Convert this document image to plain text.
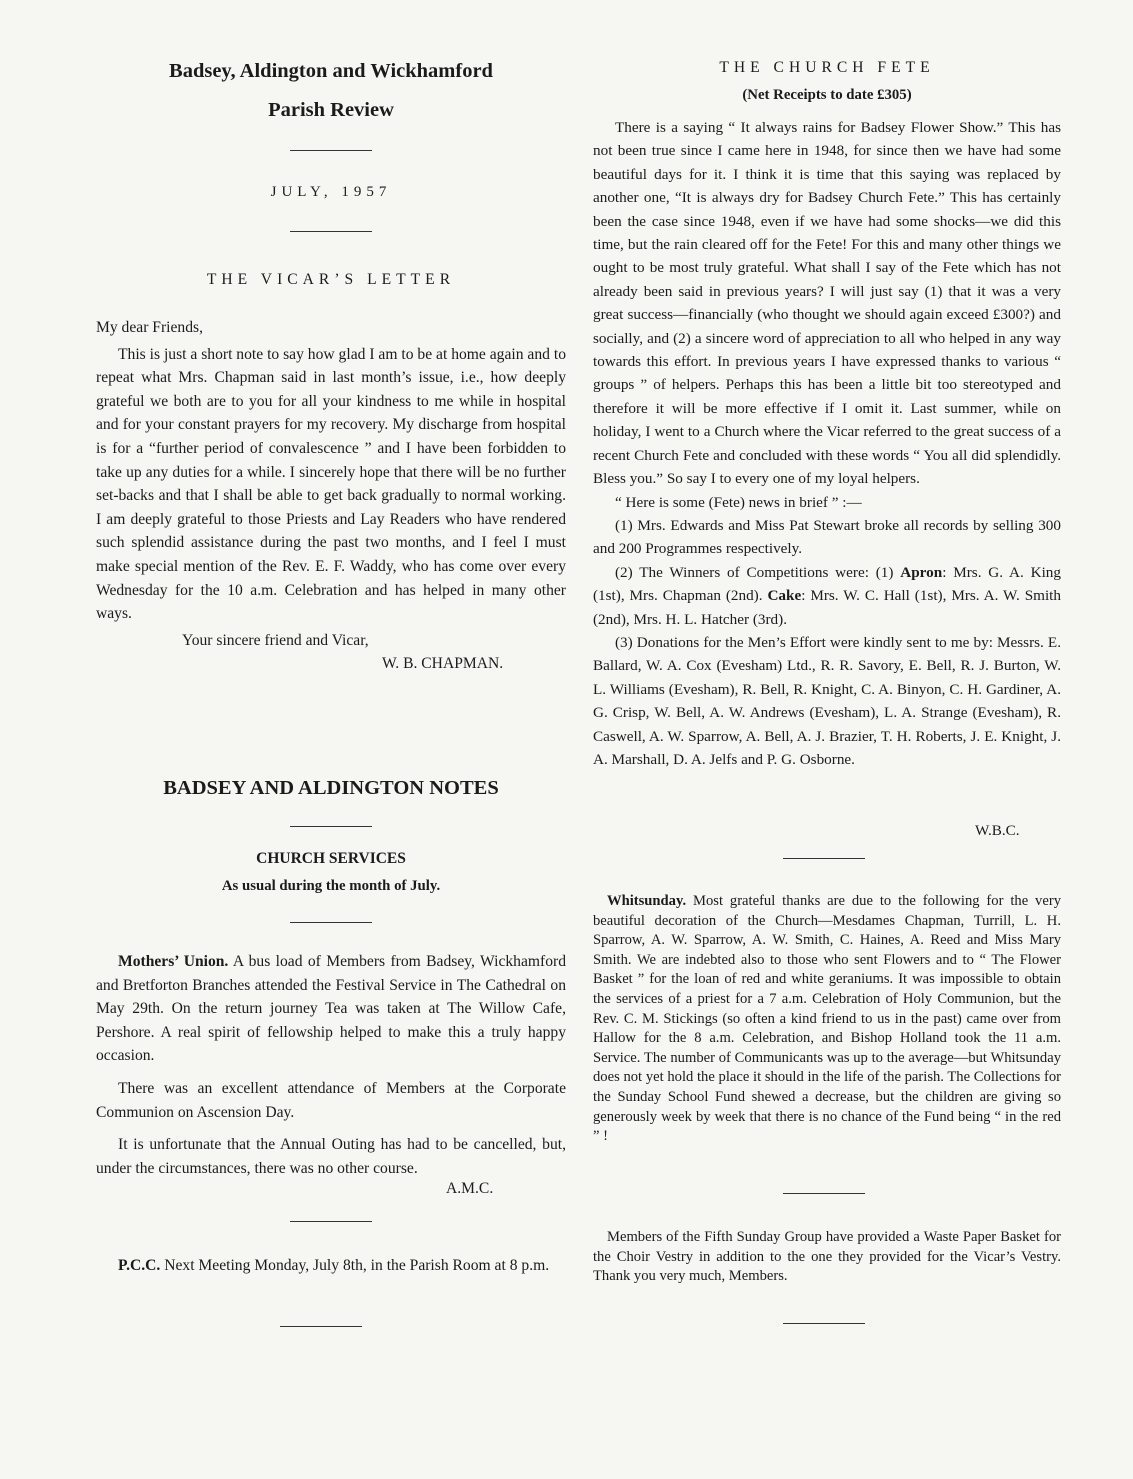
Badsey, Aldington and Wickhamford
Parish Review
JULY, 1957
THE VICAR’S LETTER

My dear Friends,

This is just a short note to say how glad I am to be at home again and to repeat what Mrs. Chapman said in last month’s issue, i.e., how deeply grateful we both are to you for all your kindness to me while in hospital and for your constant prayers for my recovery. My discharge from hospital is for a “further period of convalescence ” and I have been forbidden to take up any duties for a while. I sincerely hope that there will be no further set-backs and that I shall be able to get back gradually to normal working. I am deeply grateful to those Priests and Lay Readers who have rendered such splendid assistance during the past two months, and I feel I must make special mention of the Rev. E. F. Waddy, who has come over every Wednesday for the 10 a.m. Celebration and has helped in many other ways.

Your sincere friend and Vicar,

W. B. CHAPMAN.

BADSEY AND ALDINGTON NOTES
CHURCH SERVICES
As usual during the month of July.

Mothers’ Union. A bus load of Members from Badsey, Wickhamford and Bretforton Branches attended the Festival Service in The Cathedral on May 29th. On the return journey Tea was taken at The Willow Cafe, Pershore. A real spirit of fellowship helped to make this a truly happy occasion.

There was an excellent attendance of Members at the Corporate Communion on Ascension Day.

It is unfortunate that the Annual Outing has had to be cancelled, but, under the circumstances, there was no other course.

A.M.C.

P.C.C. Next Meeting Monday, July 8th, in the Parish Room at 8 p.m.

THE CHURCH FETE
(Net Receipts to date £305)

There is a saying “ It always rains for Badsey Flower Show.” This has not been true since I came here in 1948, for since then we have had some beautiful days for it. I think it is time that this saying was replaced by another one, “It is always dry for Badsey Church Fete.” This has certainly been the case since 1948, even if we have had some shocks—we did this time, but the rain cleared off for the Fete! For this and many other things we ought to be most truly grateful. What shall I say of the Fete which has not already been said in previous years? I will just say (1) that it was a very great success—financially (who thought we should again exceed £300?) and socially, and (2) a sincere word of appreciation to all who helped in any way towards this effort. In previous years I have expressed thanks to various “ groups ” of helpers. Perhaps this has been a little bit too stereotyped and therefore it will be more effective if I omit it. Last summer, while on holiday, I went to a Church where the Vicar referred to the great success of a recent Church Fete and concluded with these words “ You all did splendidly. Bless you.” So say I to every one of my loyal helpers.

“ Here is some (Fete) news in brief ” :—

(1) Mrs. Edwards and Miss Pat Stewart broke all records by selling 300 and 200 Programmes respectively.

(2) The Winners of Competitions were: (1) Apron: Mrs. G. A. King (1st), Mrs. Chapman (2nd). Cake: Mrs. W. C. Hall (1st), Mrs. A. W. Smith (2nd), Mrs. H. L. Hatcher (3rd).

(3) Donations for the Men’s Effort were kindly sent to me by: Messrs. E. Ballard, W. A. Cox (Evesham) Ltd., R. R. Savory, E. Bell, R. J. Burton, W. L. Williams (Evesham), R. Bell, R. Knight, C. A. Binyon, C. H. Gardiner, A. G. Crisp, W. Bell, A. W. Andrews (Evesham), L. A. Strange (Evesham), R. Caswell, A. W. Sparrow, A. Bell, A. J. Brazier, T. H. Roberts, J. E. Knight, J. A. Marshall, D. A. Jelfs and P. G. Osborne.

W.B.C.

Whitsunday. Most grateful thanks are due to the following for the very beautiful decoration of the Church—Mesdames Chapman, Turrill, L. H. Sparrow, A. W. Sparrow, A. W. Smith, C. Haines, A. Reed and Miss Mary Smith. We are indebted also to those who sent Flowers and to “ The Flower Basket ” for the loan of red and white geraniums. It was impossible to obtain the services of a priest for a 7 a.m. Celebration of Holy Communion, but the Rev. C. M. Stickings (so often a kind friend to us in the past) came over from Hallow for the 8 a.m. Celebration, and Bishop Holland took the 11 a.m. Service. The number of Communicants was up to the average—but Whitsunday does not yet hold the place it should in the life of the parish. The Collections for the Sunday School Fund shewed a decrease, but the children are giving so generously week by week that there is no chance of the Fund being “ in the red ” !

Members of the Fifth Sunday Group have provided a Waste Paper Basket for the Choir Vestry in addition to the one they provided for the Vicar’s Vestry. Thank you very much, Members.
